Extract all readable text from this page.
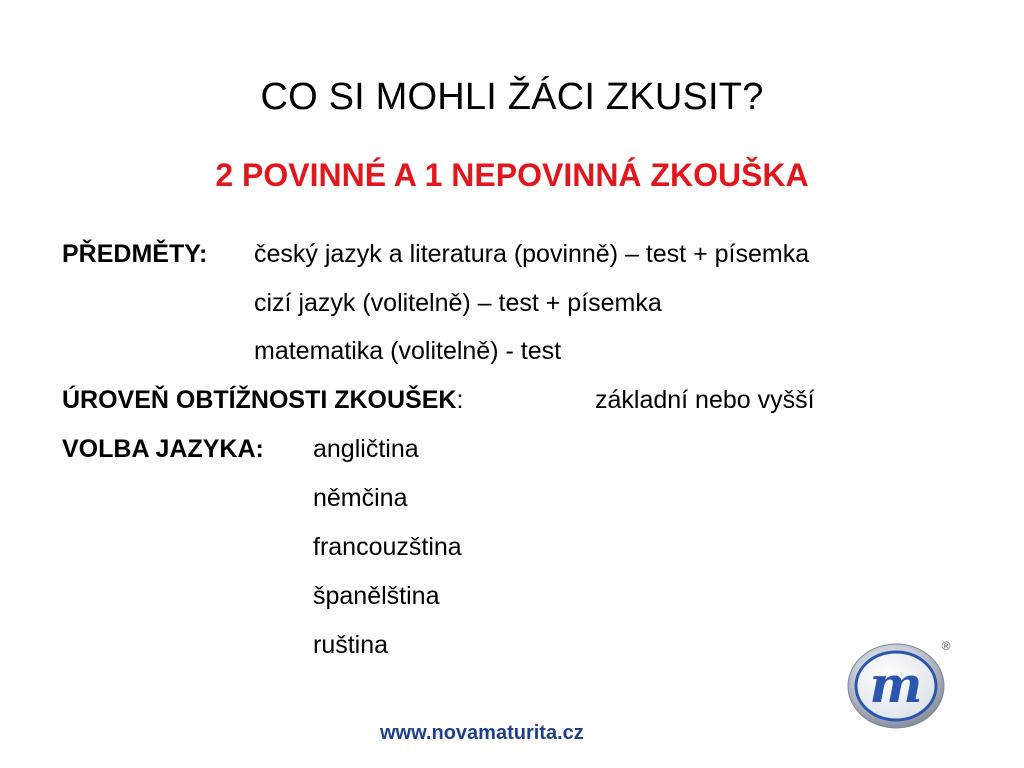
CO SI MOHLI ŽÁCI ZKUSIT?
2 POVINNÉ A 1 NEPOVINNÁ ZKOUŠKA
PŘEDMĚTY: český jazyk a literatura (povinně) – test + písemka
cizí jazyk (volitelně) – test + písemka
matematika (volitelně) - test
ÚROVEŇ OBTÍŽNOSTI ZKOUŠEK:	základní nebo vyšší
VOLBA JAZYKA: angličtina
němčina
francouzština
španělština
ruština
m
®
www.novamaturita.cz
